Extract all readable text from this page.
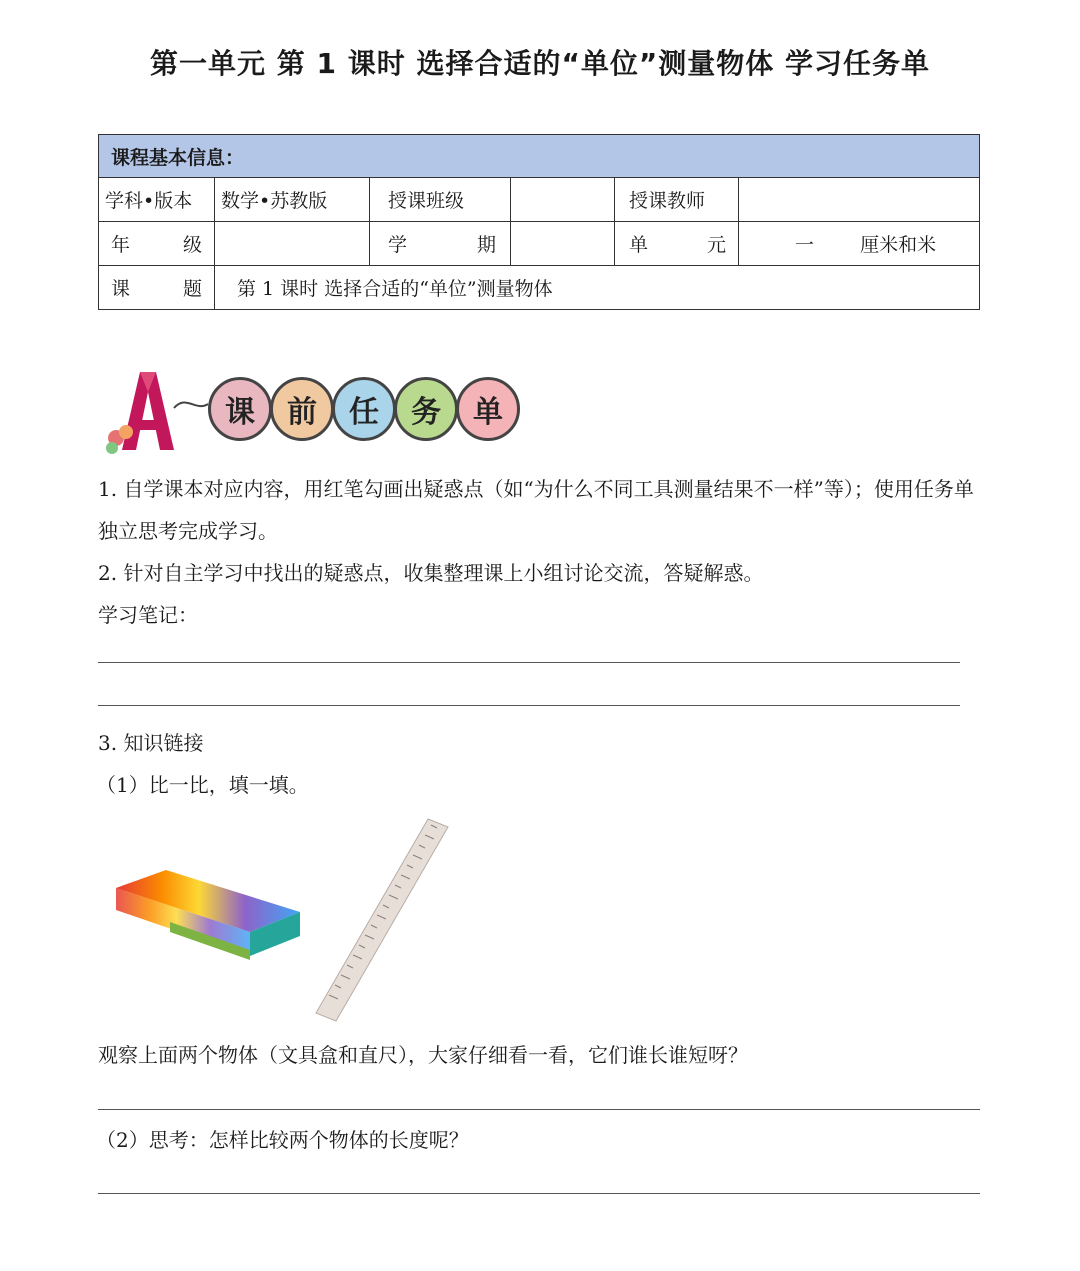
第一单元 第 1 课时 选择合适的“单位”测量物体 学习任务单
课程基本信息：					
学科•版本	数学•苏教版	授课班级		授课教师	

年 级		学 期		单 元	一 厘米和米

课 题	第 1 课时 选择合适的“单位”测量物体				
课	前	任	务	单
1. 自学课本对应内容，用红笔勾画出疑惑点（如“为什么不同工具测量结果不一样”等）；使用任务单独立思考完成学习。
2. 针对自主学习中找出的疑惑点，收集整理课上小组讨论交流，答疑解惑。
学习笔记：
3. 知识链接
（1）比一比，填一填。
观察上面两个物体（文具盒和直尺），大家仔细看一看，它们谁长谁短呀？
（2）思考：怎样比较两个物体的长度呢？
